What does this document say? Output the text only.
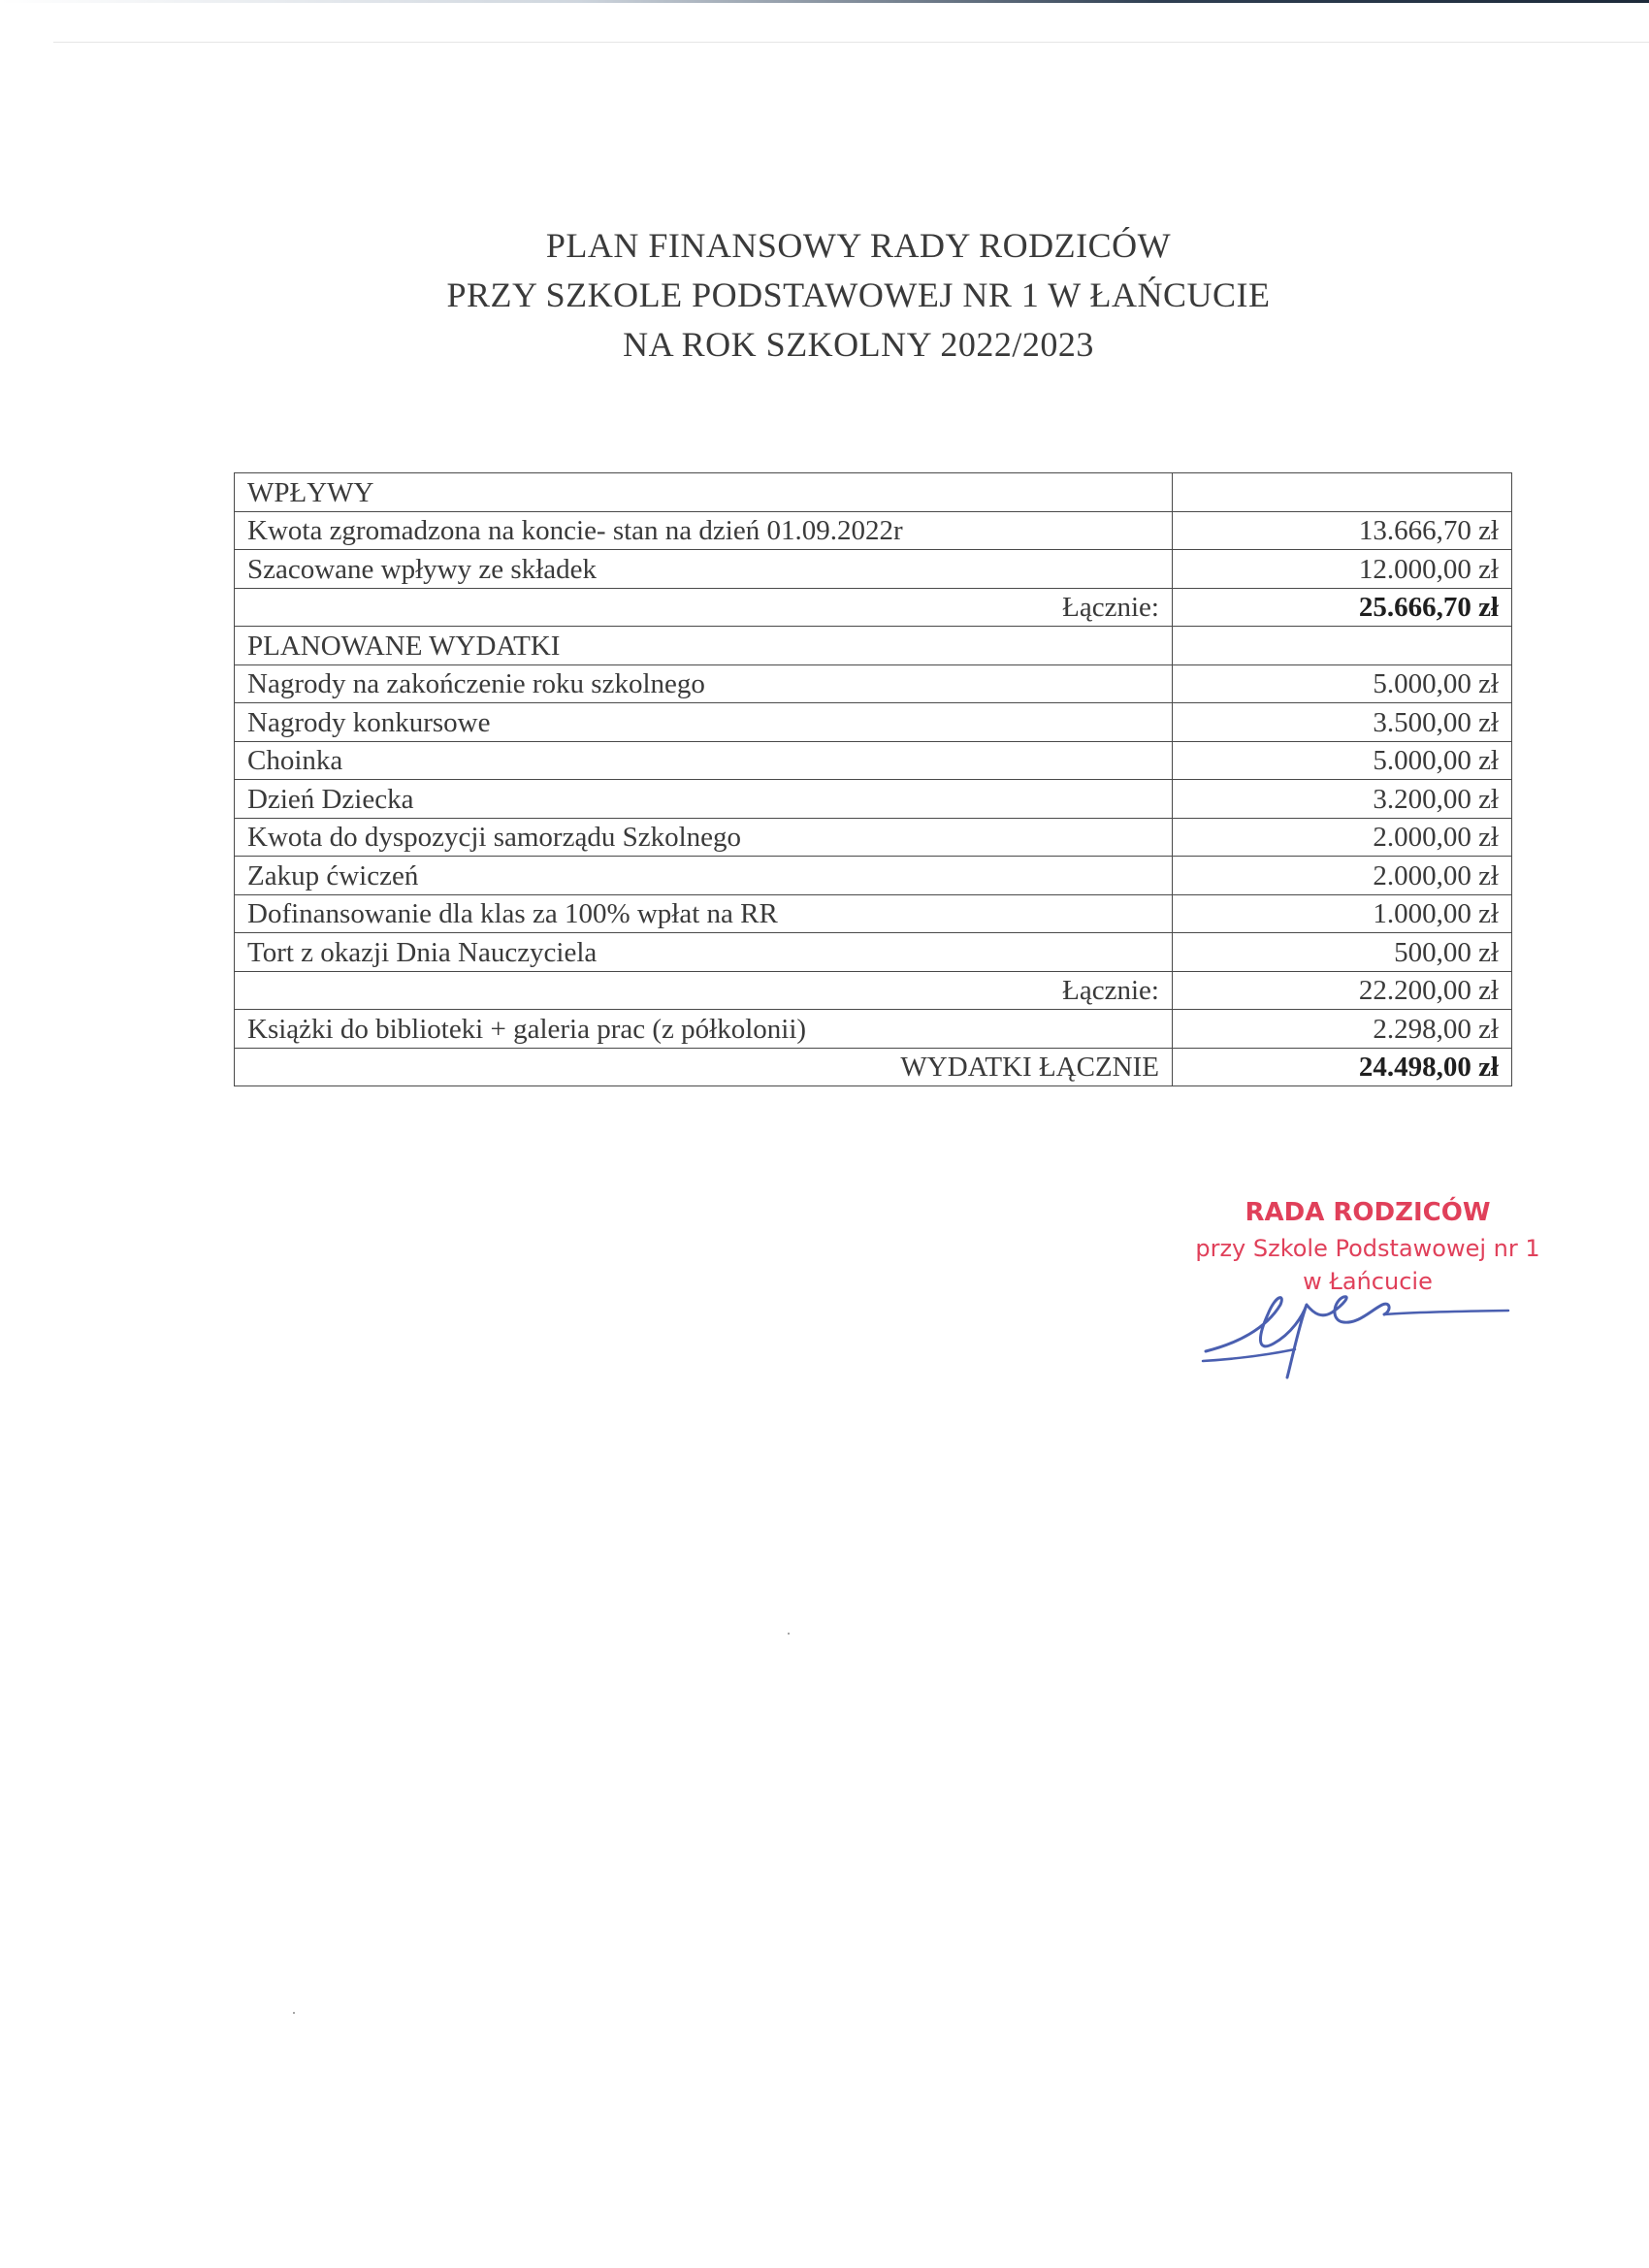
PLAN FINANSOWY RADY RODZICÓW
PRZY SZKOLE PODSTAWOWEJ NR 1 W ŁAŃCUCIE
NA ROK SZKOLNY 2022/2023
WPŁYWY	
Kwota zgromadzona na koncie- stan na dzień 01.09.2022r	13.666,70 zł
Szacowane wpływy ze składek	12.000,00 zł
Łącznie:	25.666,70 zł
PLANOWANE WYDATKI	
Nagrody na zakończenie roku szkolnego	5.000,00 zł
Nagrody konkursowe	3.500,00 zł
Choinka	5.000,00 zł
Dzień Dziecka	3.200,00 zł
Kwota do dyspozycji samorządu Szkolnego	2.000,00 zł
Zakup ćwiczeń	2.000,00 zł
Dofinansowanie dla klas za 100% wpłat na RR	1.000,00 zł
Tort z okazji Dnia Nauczyciela	500,00 zł
Łącznie:	22.200,00 zł
Książki do biblioteki + galeria prac (z półkolonii)	2.298,00 zł
WYDATKI ŁĄCZNIE	24.498,00 zł
RADA RODZICÓW
przy Szkole Podstawowej nr 1
w Łańcucie
